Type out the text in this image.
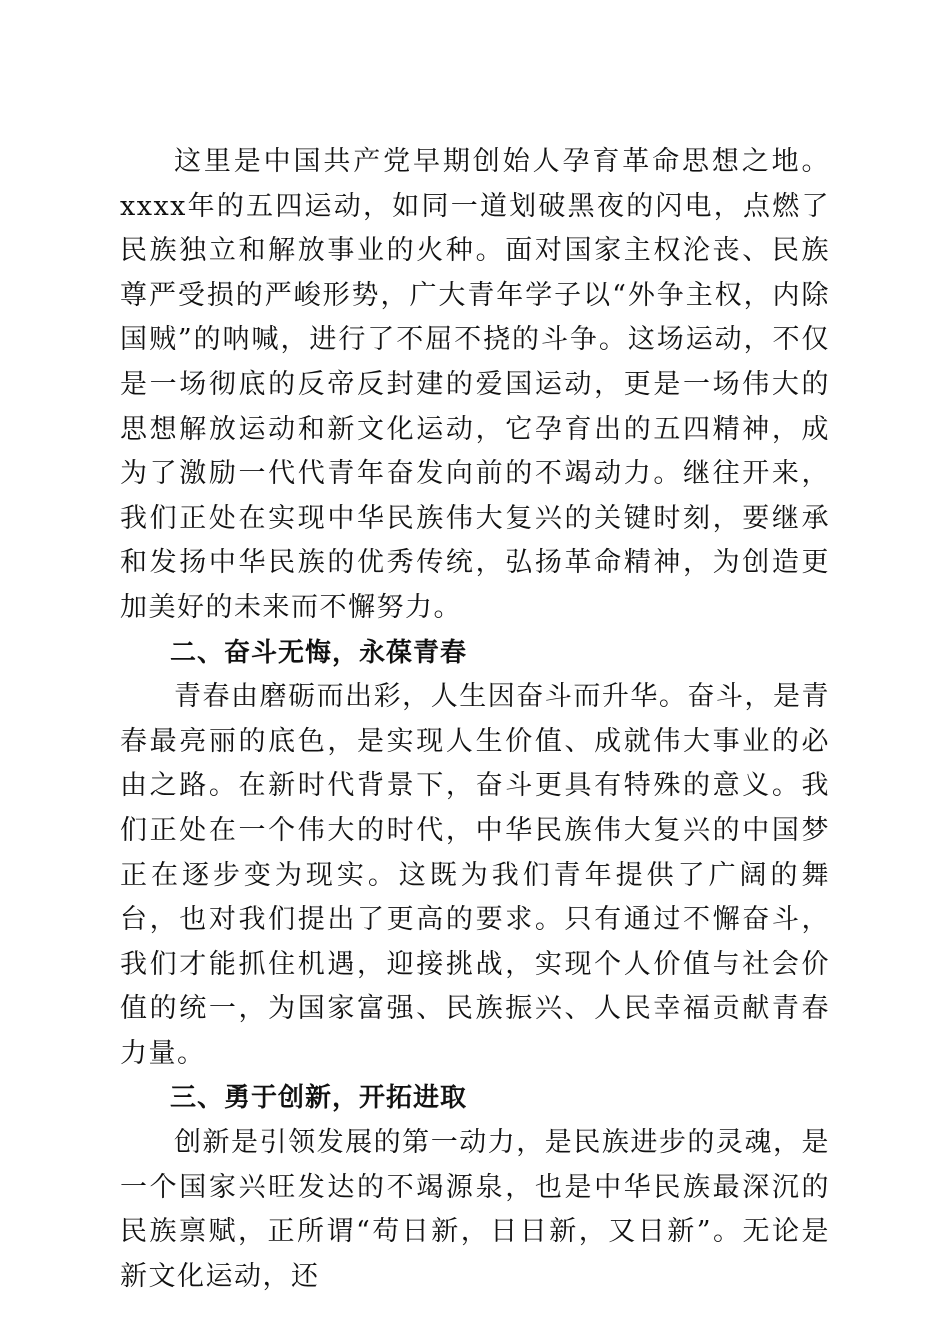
这里是中国共产党早期创始人孕育革命思想之地。xxxx年的五四运动，如同一道划破黑夜的闪电，点燃了民族独立和解放事业的火种。面对国家主权沦丧、民族尊严受损的严峻形势，广大青年学子以“外争主权，内除国贼”的呐喊，进行了不屈不挠的斗争。这场运动，不仅是一场彻底的反帝反封建的爱国运动，更是一场伟大的思想解放运动和新文化运动，它孕育出的五四精神，成为了激励一代代青年奋发向前的不竭动力。继往开来，我们正处在实现中华民族伟大复兴的关键时刻，要继承和发扬中华民族的优秀传统，弘扬革命精神，为创造更加美好的未来而不懈努力。

二、奋斗无悔，永葆青春

青春由磨砺而出彩，人生因奋斗而升华。奋斗，是青春最亮丽的底色，是实现人生价值、成就伟大事业的必由之路。在新时代背景下，奋斗更具有特殊的意义。我们正处在一个伟大的时代，中华民族伟大复兴的中国梦正在逐步变为现实。这既为我们青年提供了广阔的舞台，也对我们提出了更高的要求。只有通过不懈奋斗，我们才能抓住机遇，迎接挑战，实现个人价值与社会价值的统一，为国家富强、民族振兴、人民幸福贡献青春力量。

三、勇于创新，开拓进取

创新是引领发展的第一动力，是民族进步的灵魂，是一个国家兴旺发达的不竭源泉，也是中华民族最深沉的民族禀赋，正所谓“苟日新，日日新，又日新”。无论是新文化运动，还
